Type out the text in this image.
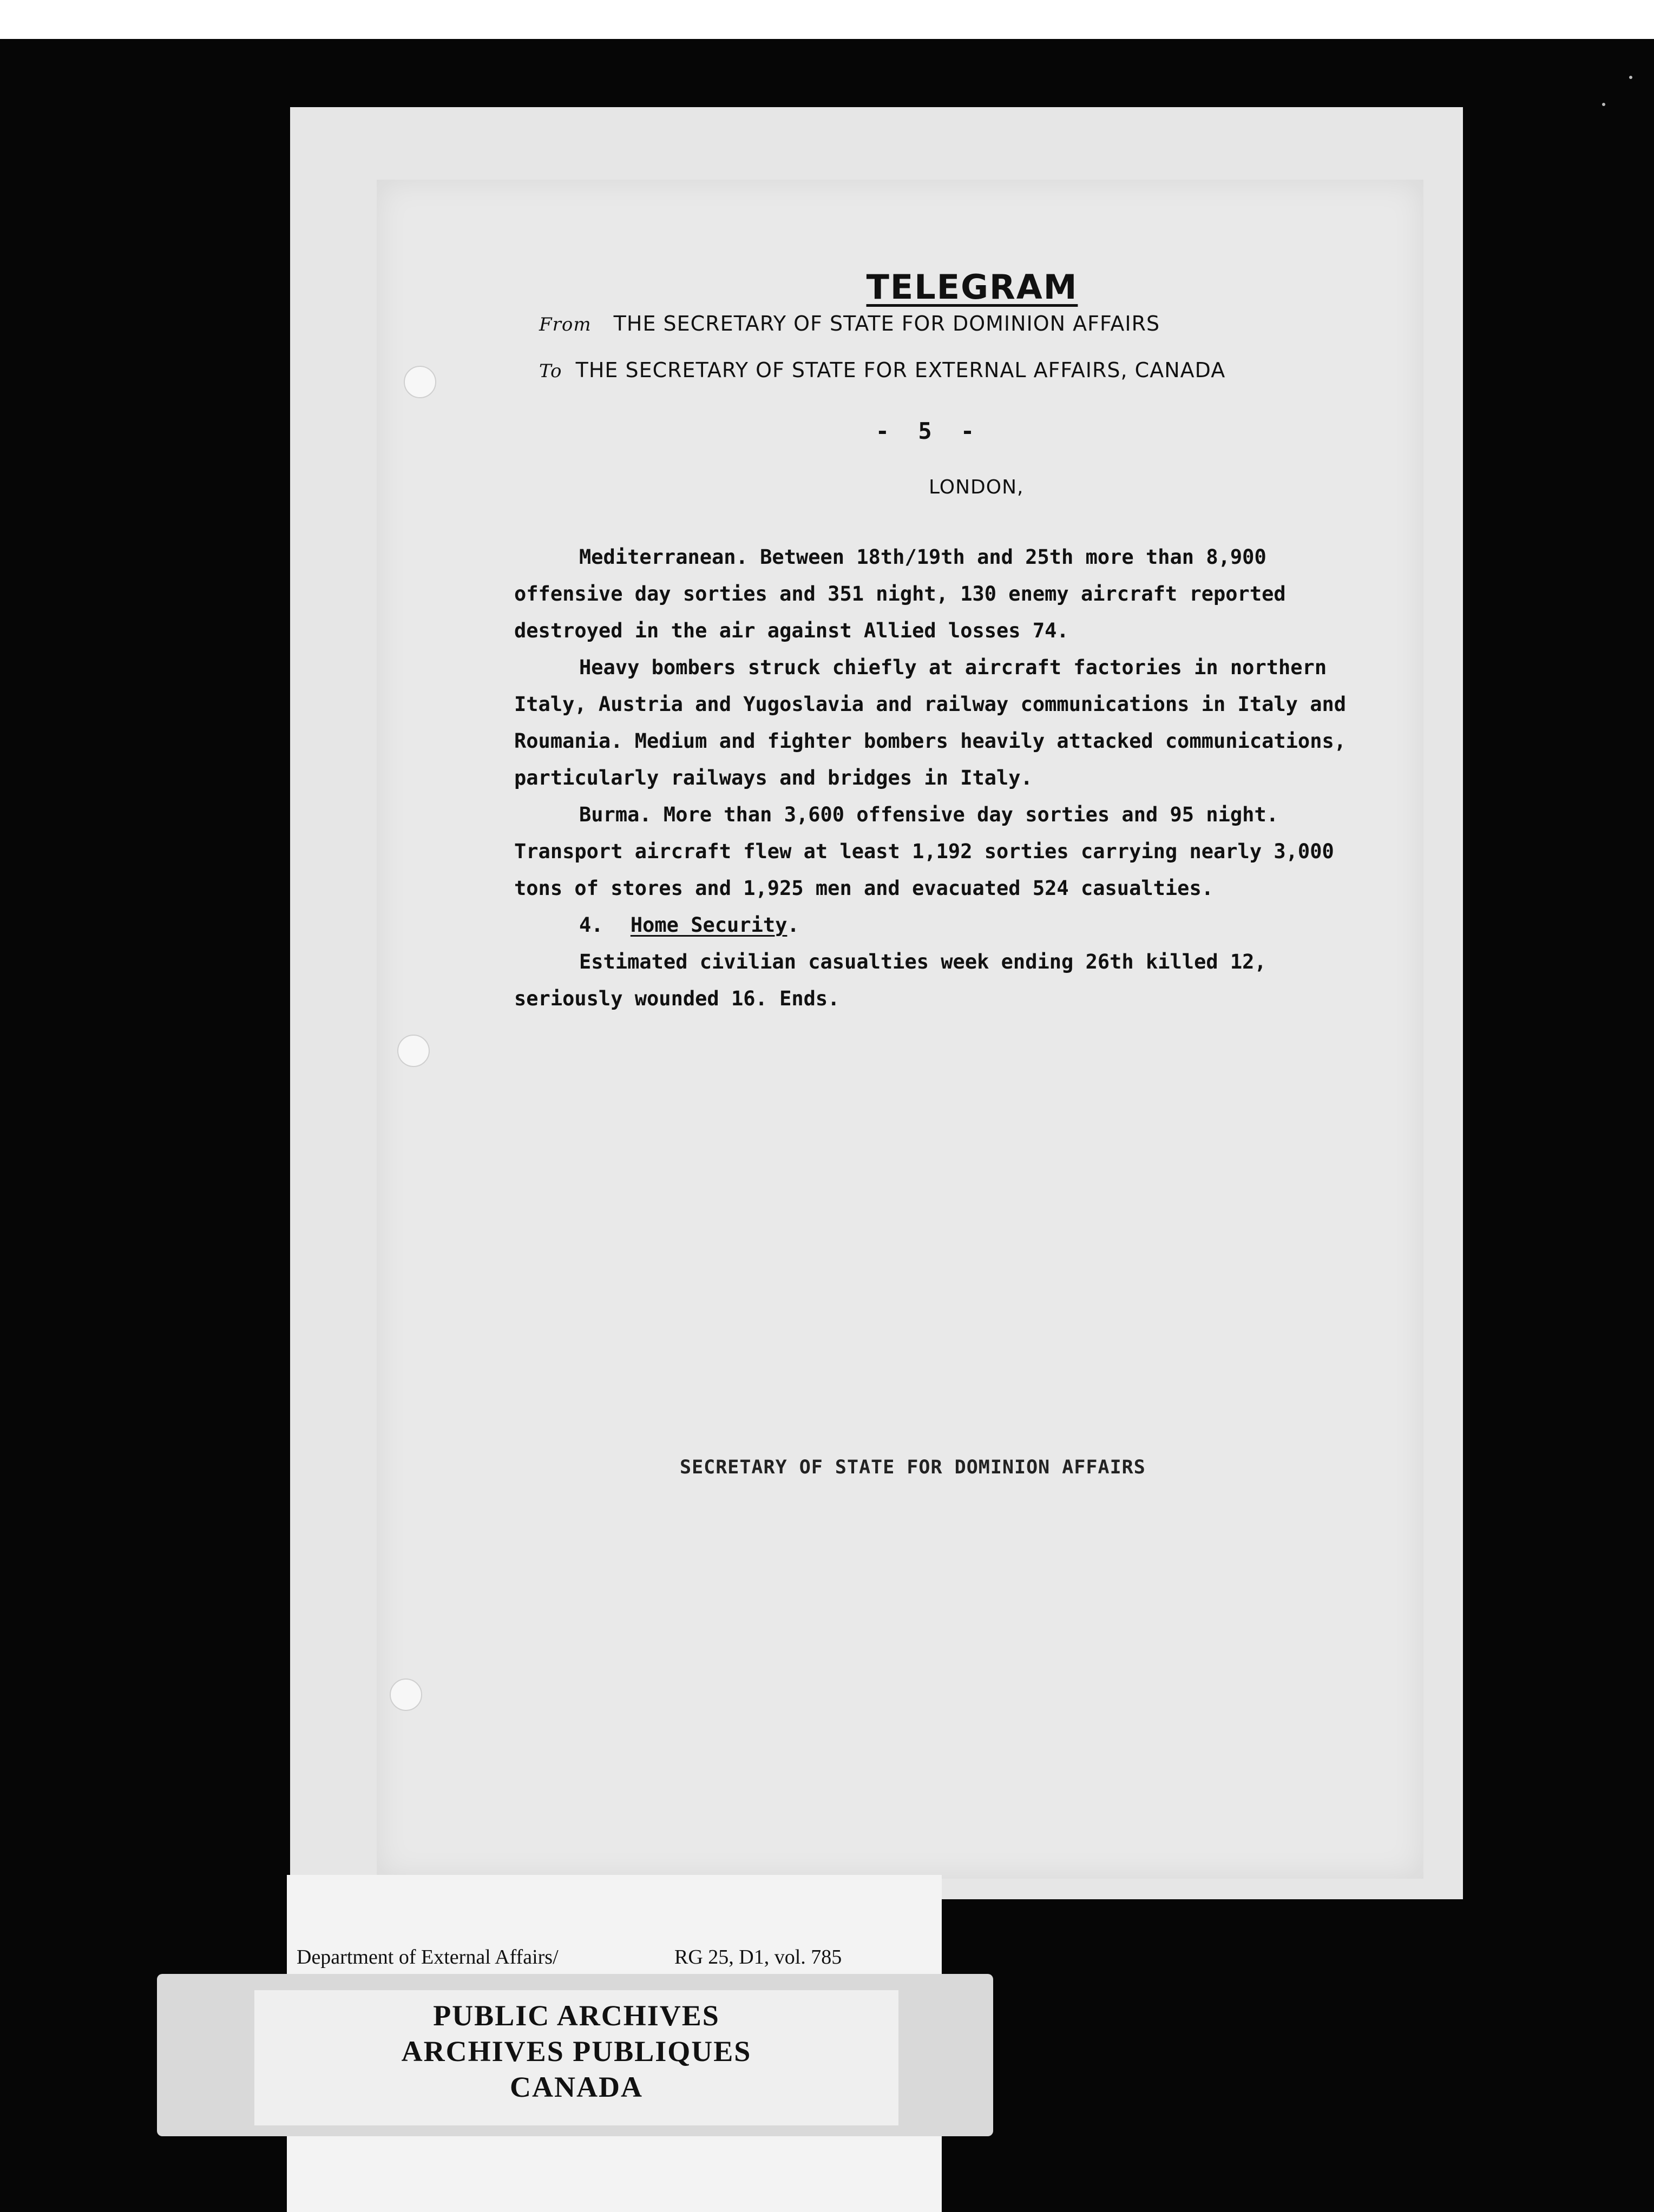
TELEGRAM
From THE SECRETARY OF STATE FOR DOMINION AFFAIRS
To THE SECRETARY OF STATE FOR EXTERNAL AFFAIRS, CANADA
- 5 -
LONDON,

Mediterranean. Between 18th/19th and 25th more than 8,900 offensive day sorties and 351 night, 130 enemy aircraft reported destroyed in the air against Allied losses 74.

Heavy bombers struck chiefly at aircraft factories in northern Italy, Austria and Yugoslavia and railway communications in Italy and Roumania. Medium and fighter bombers heavily attacked communications, particularly railways and bridges in Italy.

Burma. More than 3,600 offensive day sorties and 95 night. Transport aircraft flew at least 1,192 sorties carrying nearly 3,000 tons of stores and 1,925 men and evacuated 524 casualties.

4. Home Security.

Estimated civilian casualties week ending 26th killed 12, seriously wounded 16. Ends.

SECRETARY OF STATE FOR DOMINION AFFAIRS
Department of External Affairs/	RG 25, D1, vol. 785
PUBLIC ARCHIVES
ARCHIVES PUBLIQUES
CANADA
